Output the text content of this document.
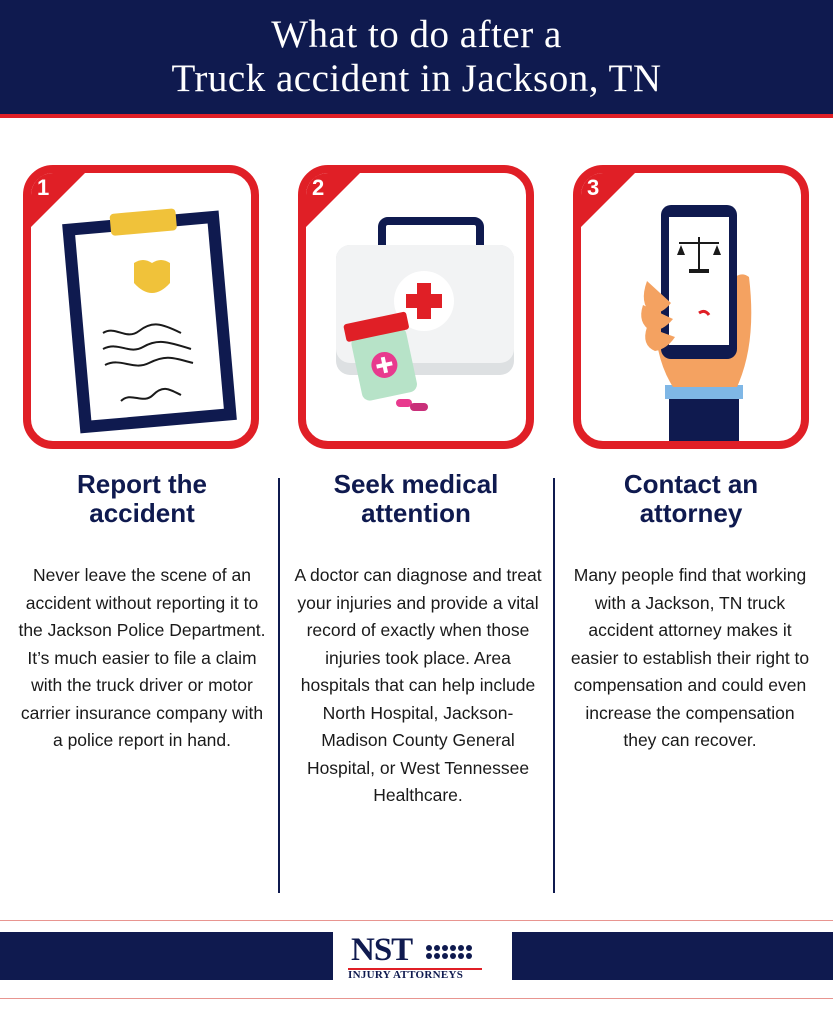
What to do after a
Truck accident in Jackson, TN
1	2	3
Report the
accident
Seek medical
attention
Contact an
attorney
Never leave the scene of an accident without reporting it to the Jackson Police Department. It’s much easier to file a claim with the truck driver or motor carrier insurance company with a police report in hand.
A doctor can diagnose and treat your injuries and provide a vital record of exactly when those injuries took place. Area hospitals that can help include North Hospital, Jackson-Madison County General Hospital, or West Tennessee Healthcare.
Many people find that working with a Jackson, TN truck accident attorney makes it easier to establish their right to compensation and could even increase the compensation they can recover.
NST
INJURY ATTORNEYS
